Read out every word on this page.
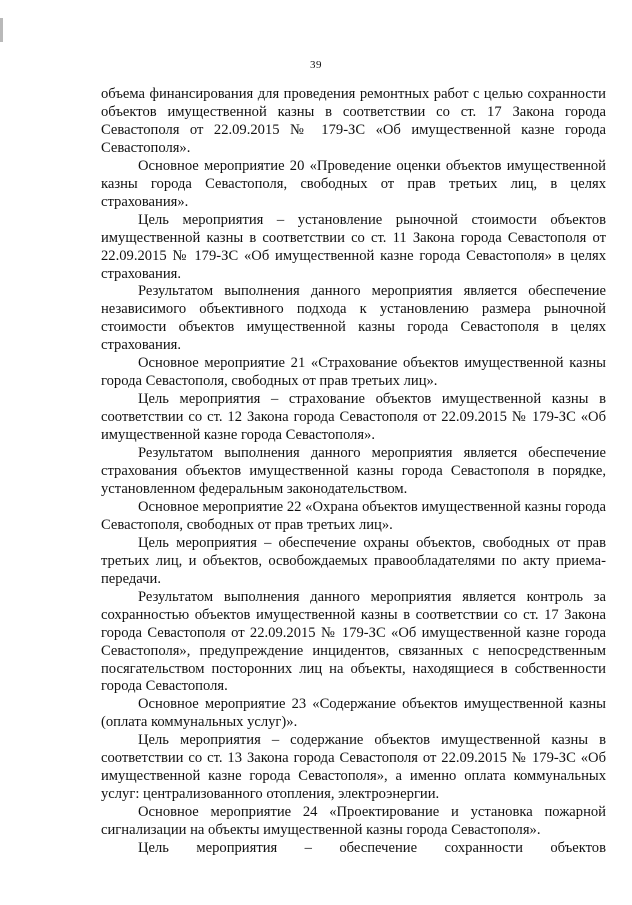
39

объема финансирования для проведения ремонтных работ с целью сохранности объектов имущественной казны в соответствии со ст. 17 Закона города Севастополя от 22.09.2015 № 179-ЗС «Об имущественной казне города Севастополя».

Основное мероприятие 20 «Проведение оценки объектов имущественной казны города Севастополя, свободных от прав третьих лиц, в целях страхования».

Цель мероприятия – установление рыночной стоимости объектов имущественной казны в соответствии со ст. 11 Закона города Севастополя от 22.09.2015 № 179-ЗС «Об имущественной казне города Севастополя» в целях страхования.

Результатом выполнения данного мероприятия является обеспечение независимого объективного подхода к установлению размера рыночной стоимости объектов имущественной казны города Севастополя в целях страхования.

Основное мероприятие 21 «Страхование объектов имущественной казны города Севастополя, свободных от прав третьих лиц».

Цель мероприятия – страхование объектов имущественной казны в соответствии со ст. 12 Закона города Севастополя от 22.09.2015 № 179-ЗС «Об имущественной казне города Севастополя».

Результатом выполнения данного мероприятия является обеспечение страхования объектов имущественной казны города Севастополя в порядке, установленном федеральным законодательством.

Основное мероприятие 22 «Охрана объектов имущественной казны города Севастополя, свободных от прав третьих лиц».

Цель мероприятия – обеспечение охраны объектов, свободных от прав третьих лиц, и объектов, освобождаемых правообладателями по акту приема-передачи.

Результатом выполнения данного мероприятия является контроль за сохранностью объектов имущественной казны в соответствии со ст. 17 Закона города Севастополя от 22.09.2015 № 179-ЗС «Об имущественной казне города Севастополя», предупреждение инцидентов, связанных с непосредственным посягательством посторонних лиц на объекты, находящиеся в собственности города Севастополя.

Основное мероприятие 23 «Содержание объектов имущественной казны (оплата коммунальных услуг)».

Цель мероприятия – содержание объектов имущественной казны в соответствии со ст. 13 Закона города Севастополя от 22.09.2015 № 179-ЗС «Об имущественной казне города Севастополя», а именно оплата коммунальных услуг: централизованного отопления, электроэнергии.

Основное мероприятие 24 «Проектирование и установка пожарной сигнализации на объекты имущественной казны города Севастополя».

Цель мероприятия – обеспечение сохранности объектов
